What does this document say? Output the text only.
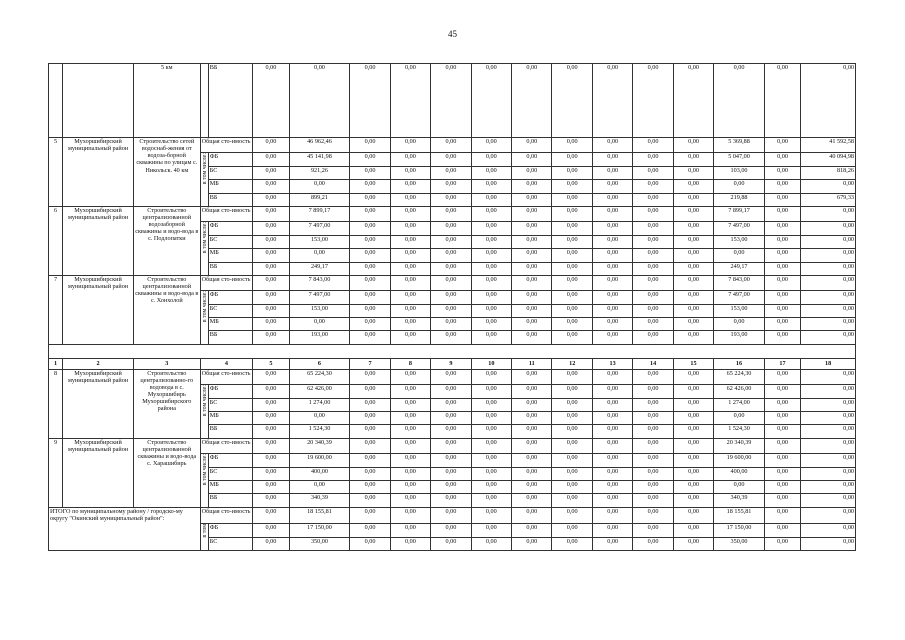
45
		5 км		ВБ	0,00	0,00	0,00	0,00	0,00	0,00	0,00	0,00	0,00	0,00	0,00	0,00	0,00	0,00
5	Мухоршибирский муниципальный район	Строительство сетей водоснаб-жения от водоза-борной скважины по улицам с. Никольск. 40 км	Общая сто-имость		0,00	46 962,46	0,00	0,00	0,00	0,00	0,00	0,00	0,00	0,00	0,00	5 369,88	0,00	41 592,58
			в том числе:	ФБ	0,00	45 141,98	0,00	0,00	0,00	0,00	0,00	0,00	0,00	0,00	0,00	5 047,00	0,00	40 094,98
				БС	0,00	921,26	0,00	0,00	0,00	0,00	0,00	0,00	0,00	0,00	0,00	103,00	0,00	818,26
				МБ	0,00	0,00	0,00	0,00	0,00	0,00	0,00	0,00	0,00	0,00	0,00	0,00	0,00	0,00
				ВБ	0,00	899,21	0,00	0,00	0,00	0,00	0,00	0,00	0,00	0,00	0,00	219,88	0,00	679,33
6	Мухоршибирский муниципальный район	Строительство централизованной водозаборной скважины и водо-вода в с. Подлопатки	Общая сто-имость		0,00	7 899,17	0,00	0,00	0,00	0,00	0,00	0,00	0,00	0,00	0,00	7 899,17	0,00	0,00
			в том числе:	ФБ	0,00	7 497,00	0,00	0,00	0,00	0,00	0,00	0,00	0,00	0,00	0,00	7 497,00	0,00	0,00
				БС	0,00	153,00	0,00	0,00	0,00	0,00	0,00	0,00	0,00	0,00	0,00	153,00	0,00	0,00
				МБ	0,00	0,00	0,00	0,00	0,00	0,00	0,00	0,00	0,00	0,00	0,00	0,00	0,00	0,00
				ВБ	0,00	249,17	0,00	0,00	0,00	0,00	0,00	0,00	0,00	0,00	0,00	249,17	0,00	0,00
7	Мухоршибирский муниципальный район	Строительство централизованной скважины и водо-вода в с. Хонхолой	Общая сто-имость		0,00	7 843,00	0,00	0,00	0,00	0,00	0,00	0,00	0,00	0,00	0,00	7 843,00	0,00	0,00
			в том числе:	ФБ	0,00	7 497,00	0,00	0,00	0,00	0,00	0,00	0,00	0,00	0,00	0,00	7 497,00	0,00	0,00
				БС	0,00	153,00	0,00	0,00	0,00	0,00	0,00	0,00	0,00	0,00	0,00	153,00	0,00	0,00
				МБ	0,00	0,00	0,00	0,00	0,00	0,00	0,00	0,00	0,00	0,00	0,00	0,00	0,00	0,00
				ВБ	0,00	193,00	0,00	0,00	0,00	0,00	0,00	0,00	0,00	0,00	0,00	193,00	0,00	0,00

1	2	3	4		5	6	7	8	9	10	11	12	13	14	15	16	17	18
8	Мухоршибирский муниципальный район	Строительство централизованно-го водовода в с. Мухоршибирь Мухоршибирского района	Общая сто-имость		0,00	65 224,30	0,00	0,00	0,00	0,00	0,00	0,00	0,00	0,00	0,00	65 224,30	0,00	0,00
			в том числе:	ФБ	0,00	62 426,00	0,00	0,00	0,00	0,00	0,00	0,00	0,00	0,00	0,00	62 426,00	0,00	0,00
				БС	0,00	1 274,00	0,00	0,00	0,00	0,00	0,00	0,00	0,00	0,00	0,00	1 274,00	0,00	0,00
				МБ	0,00	0,00	0,00	0,00	0,00	0,00	0,00	0,00	0,00	0,00	0,00	0,00	0,00	0,00
				ВБ	0,00	1 524,30	0,00	0,00	0,00	0,00	0,00	0,00	0,00	0,00	0,00	1 524,30	0,00	0,00
9	Мухоршибирский муниципальный район	Строительство централизованной скважины и водо-вода с. Харашибирь	Общая сто-имость		0,00	20 340,39	0,00	0,00	0,00	0,00	0,00	0,00	0,00	0,00	0,00	20 340,39	0,00	0,00
			в том числе:	ФБ	0,00	19 600,00	0,00	0,00	0,00	0,00	0,00	0,00	0,00	0,00	0,00	19 600,00	0,00	0,00
				БС	0,00	400,00	0,00	0,00	0,00	0,00	0,00	0,00	0,00	0,00	0,00	400,00	0,00	0,00
				МБ	0,00	0,00	0,00	0,00	0,00	0,00	0,00	0,00	0,00	0,00	0,00	0,00	0,00	0,00
				ВБ	0,00	340,39	0,00	0,00	0,00	0,00	0,00	0,00	0,00	0,00	0,00	340,39	0,00	0,00
ИТОГО по муниципальному району / городско-му округу "Окинский муниципальный район":			Общая сто-имость		0,00	18 155,81	0,00	0,00	0,00	0,00	0,00	0,00	0,00	0,00	0,00	18 155,81	0,00	0,00
			в том	ФБ	0,00	17 150,00	0,00	0,00	0,00	0,00	0,00	0,00	0,00	0,00	0,00	17 150,00	0,00	0,00
				БС	0,00	350,00	0,00	0,00	0,00	0,00	0,00	0,00	0,00	0,00	0,00	350,00	0,00	0,00
